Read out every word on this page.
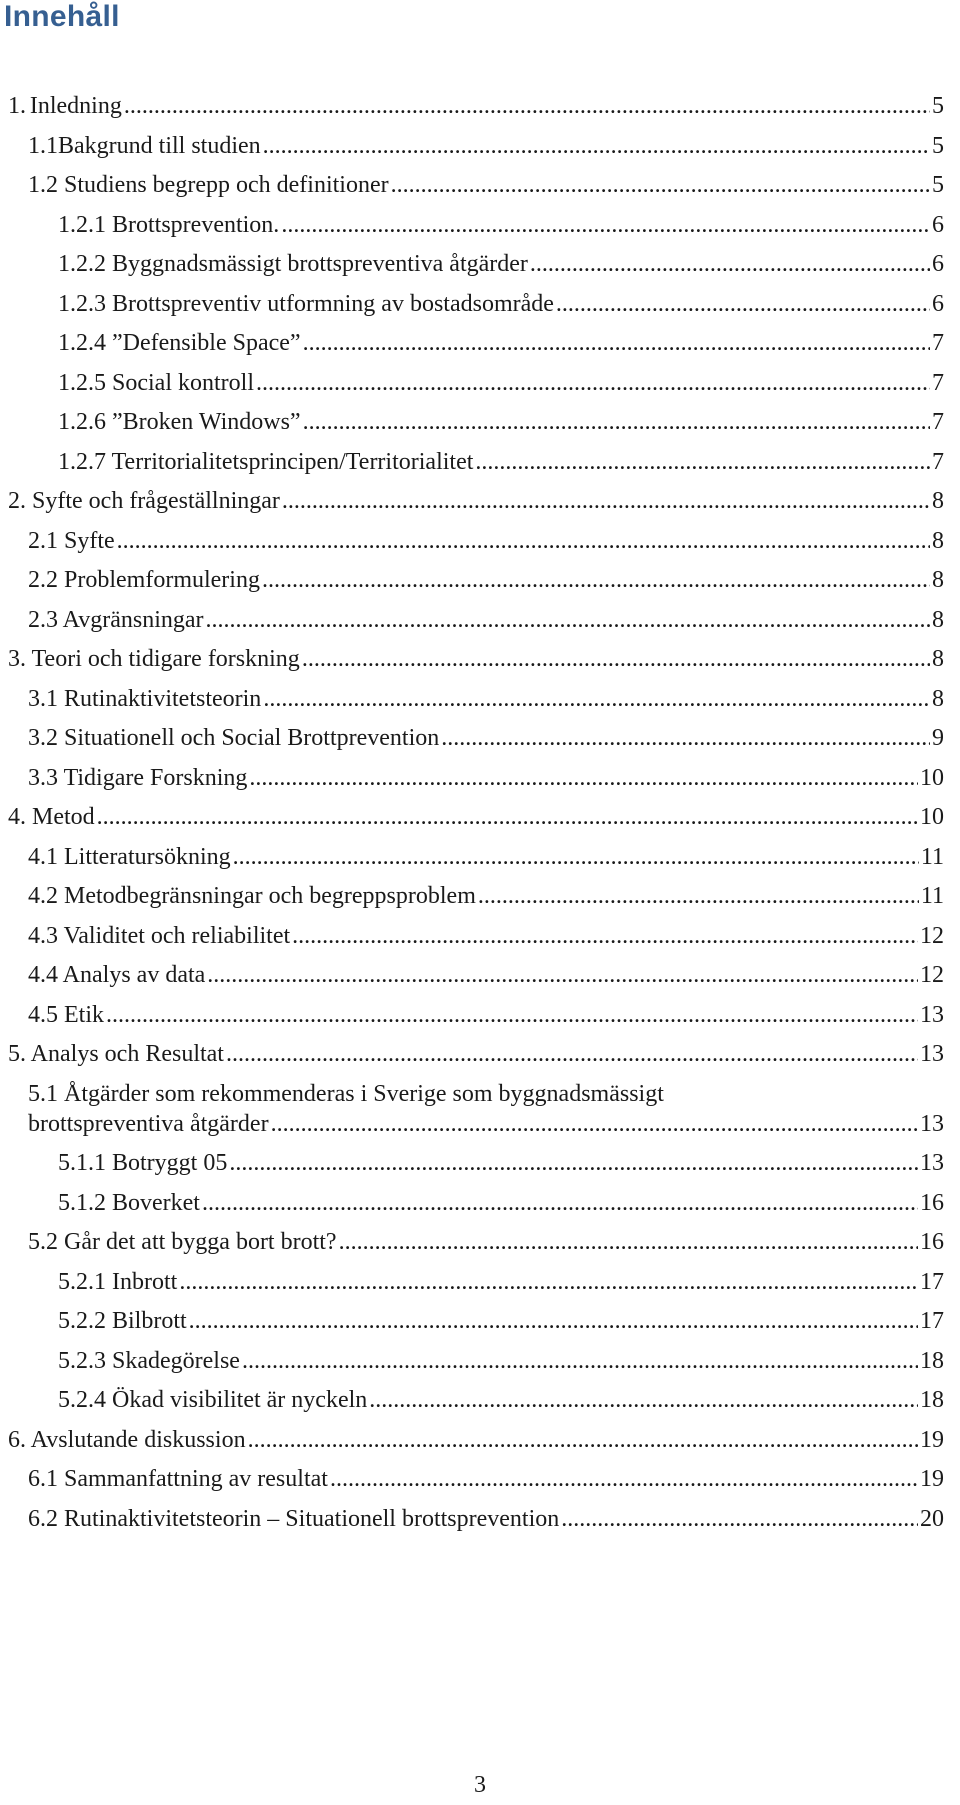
Innehåll
1. Inledning .....	5
1.1 Bakgrund till studien .....	5
1.2 Studiens begrepp och definitioner .....	5
1.2.1 Brottsprevention. .....	6
1.2.2 Byggnadsmässigt brottspreventiva åtgärder .....	6
1.2.3 Brottspreventiv utformning av bostadsområde .....	6
1.2.4 ”Defensible Space” .....	7
1.2.5 Social kontroll .....	7
1.2.6 ”Broken Windows” .....	7
1.2.7 Territorialitetsprincipen/Territorialitet .....	7
2. Syfte och frågeställningar .....	8
2.1 Syfte .....	8
2.2 Problemformulering .....	8
2.3 Avgränsningar .....	8
3. Teori och tidigare forskning .....	8
3.1 Rutinaktivitetsteorin .....	8
3.2 Situationell och Social Brottprevention .....	9
3.3 Tidigare Forskning .....	10
4. Metod .....	10
4.1 Litteratursökning .....	11
4.2 Metodbegränsningar och begreppsproblem .....	11
4.3 Validitet och reliabilitet .....	12
4.4 Analys av data .....	12
4.5 Etik .....	13
5. Analys och Resultat .....	13
5.1 Åtgärder som rekommenderas i Sverige som byggnadsmässigt
brottspreventiva åtgärder .....	13
5.1.1 Botryggt 05 .....	13
5.1.2 Boverket .....	16
5.2 Går det att bygga bort brott? .....	16
5.2.1 Inbrott .....	17
5.2.2 Bilbrott .....	17
5.2.3 Skadegörelse .....	18
5.2.4 Ökad visibilitet är nyckeln .....	18
6. Avslutande diskussion .....	19
6.1 Sammanfattning av resultat .....	19
6.2 Rutinaktivitetsteorin – Situationell brottsprevention .....	20
3
